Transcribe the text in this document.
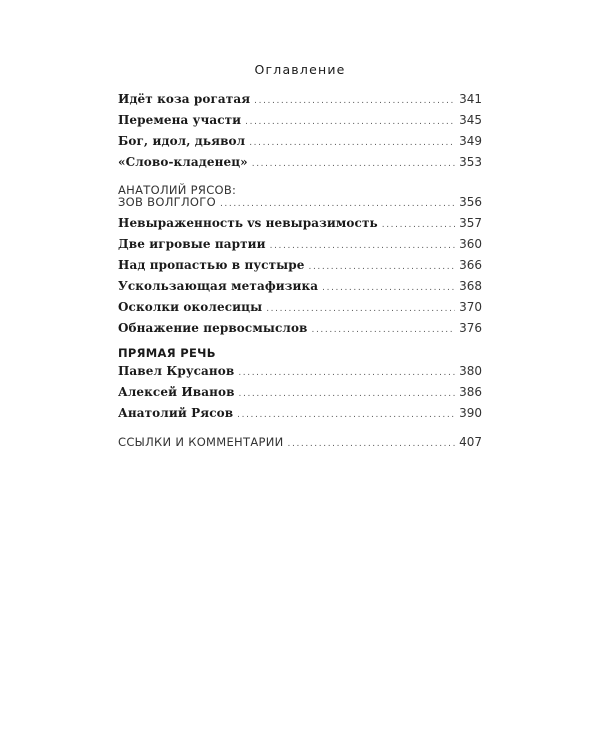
Оглавление
Идёт коза рогатая .....	341
Перемена участи .....	345
Бог, идол, дьявол .....	349
«Слово-кладенец» .....	353
АНАТОЛИЙ РЯСОВ:
ЗОВ ВОЛГЛОГО .....	356
Невыраженность vs невыразимость .....	357
Две игровые партии .....	360
Над пропастью в пустыре .....	366
Ускользающая метафизика .....	368
Осколки околесицы .....	370
Обнажение первосмыслов .....	376
ПРЯМАЯ РЕЧЬ
Павел Крусанов .....	380
Алексей Иванов .....	386
Анатолий Рясов .....	390
ССЫЛКИ И КОММЕНТАРИИ .....	407
